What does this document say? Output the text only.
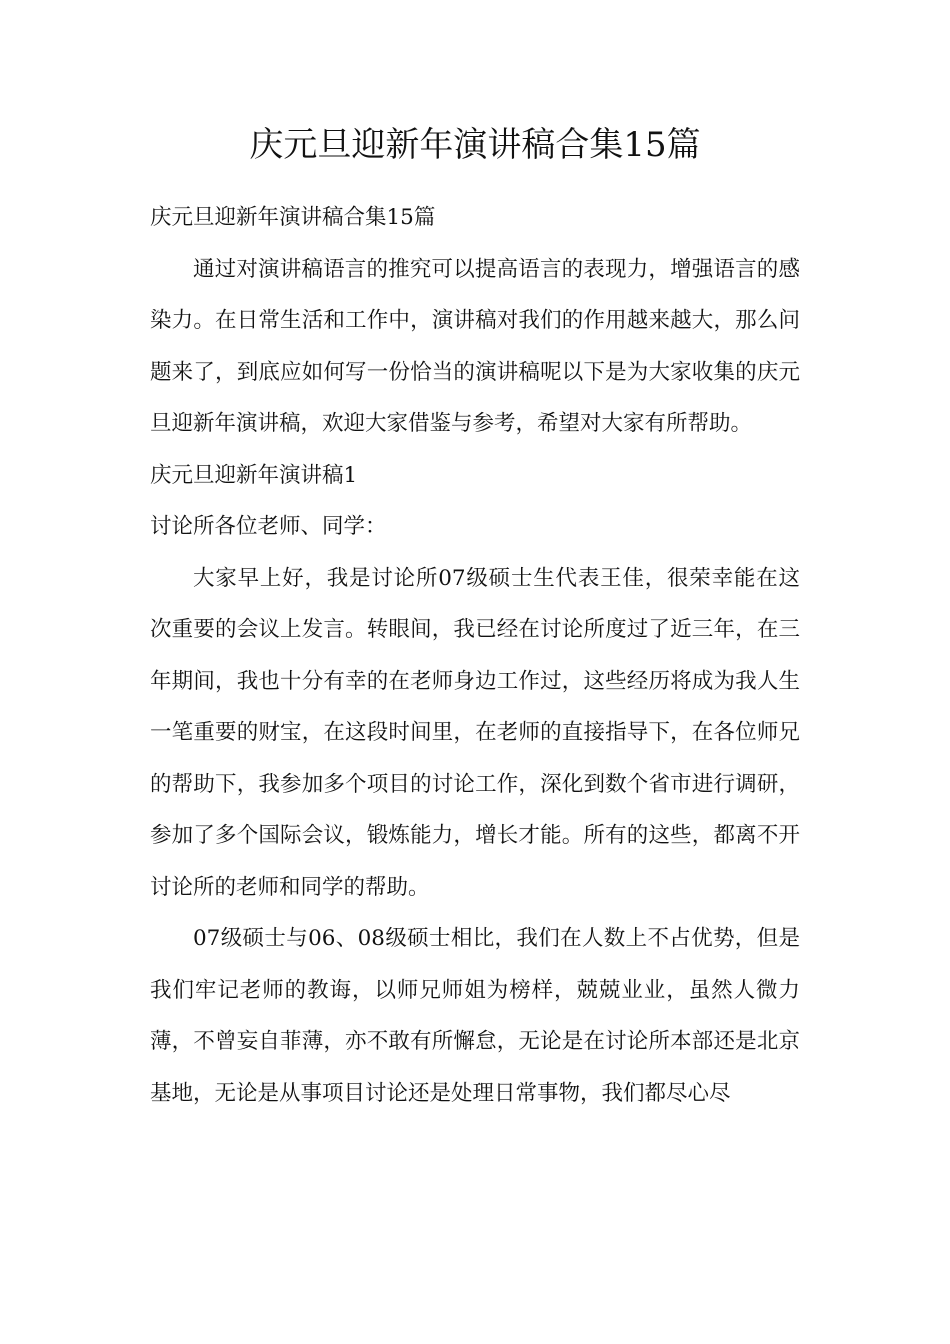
庆元旦迎新年演讲稿合集15篇

庆元旦迎新年演讲稿合集15篇

通过对演讲稿语言的推究可以提高语言的表现力，增强语言的感染力。在日常生活和工作中，演讲稿对我们的作用越来越大，那么问题来了，到底应如何写一份恰当的演讲稿呢以下是为大家收集的庆元旦迎新年演讲稿，欢迎大家借鉴与参考，希望对大家有所帮助。

庆元旦迎新年演讲稿1

讨论所各位老师、同学：

大家早上好，我是讨论所07级硕士生代表王佳，很荣幸能在这次重要的会议上发言。转眼间，我已经在讨论所度过了近三年，在三年期间，我也十分有幸的在老师身边工作过，这些经历将成为我人生一笔重要的财宝，在这段时间里，在老师的直接指导下，在各位师兄的帮助下，我参加多个项目的讨论工作，深化到数个省市进行调研，参加了多个国际会议，锻炼能力，增长才能。所有的这些，都离不开讨论所的老师和同学的帮助。

07级硕士与06、08级硕士相比，我们在人数上不占优势，但是我们牢记老师的教诲，以师兄师姐为榜样，兢兢业业，虽然人微力薄，不曾妄自菲薄，亦不敢有所懈怠，无论是在讨论所本部还是北京基地，无论是从事项目讨论还是处理日常事物，我们都尽心尽
